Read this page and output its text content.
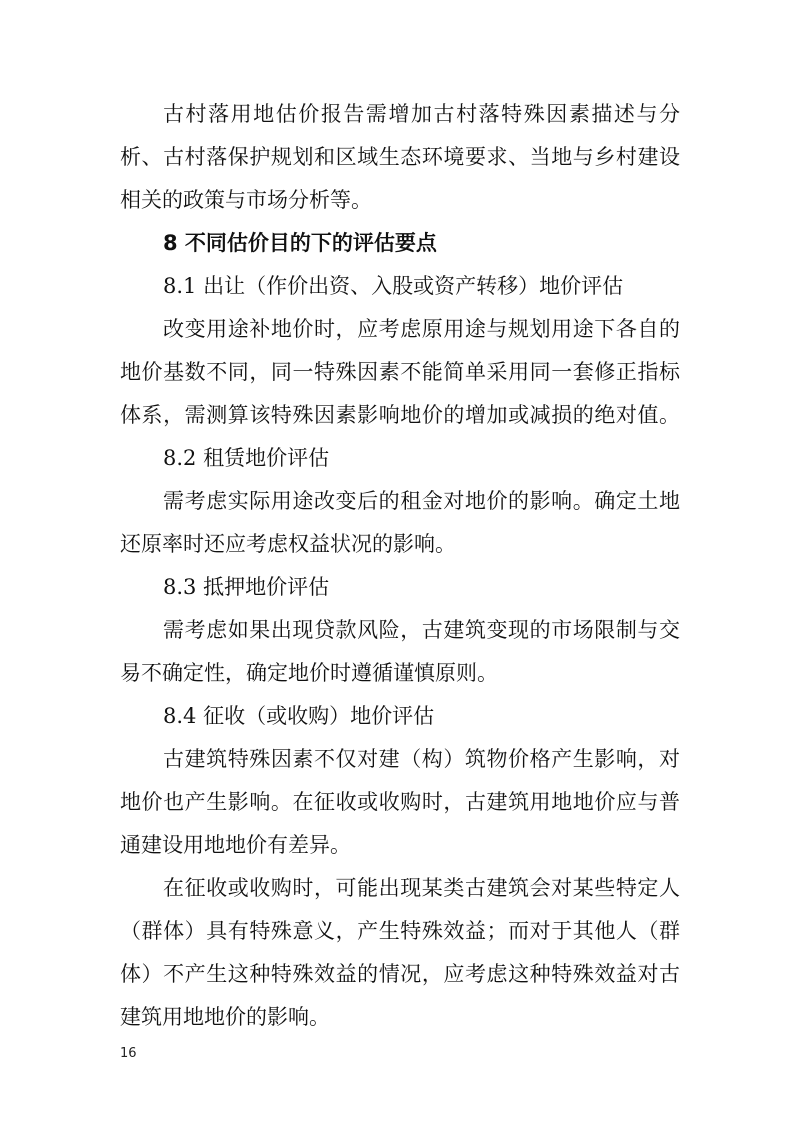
古村落用地估价报告需增加古村落特殊因素描述与分
析、古村落保护规划和区域生态环境要求、当地与乡村建设
相关的政策与市场分析等。
8 不同估价目的下的评估要点
8.1 出让（作价出资、入股或资产转移）地价评估
改变用途补地价时，应考虑原用途与规划用途下各自的
地价基数不同，同一特殊因素不能简单采用同一套修正指标
体系，需测算该特殊因素影响地价的增加或减损的绝对值。
8.2 租赁地价评估
需考虑实际用途改变后的租金对地价的影响。确定土地
还原率时还应考虑权益状况的影响。
8.3 抵押地价评估
需考虑如果出现贷款风险，古建筑变现的市场限制与交
易不确定性，确定地价时遵循谨慎原则。
8.4 征收（或收购）地价评估
古建筑特殊因素不仅对建（构）筑物价格产生影响，对
地价也产生影响。在征收或收购时，古建筑用地地价应与普
通建设用地地价有差异。
在征收或收购时，可能出现某类古建筑会对某些特定人
（群体）具有特殊意义，产生特殊效益；而对于其他人（群
体）不产生这种特殊效益的情况，应考虑这种特殊效益对古
建筑用地地价的影响。
16
